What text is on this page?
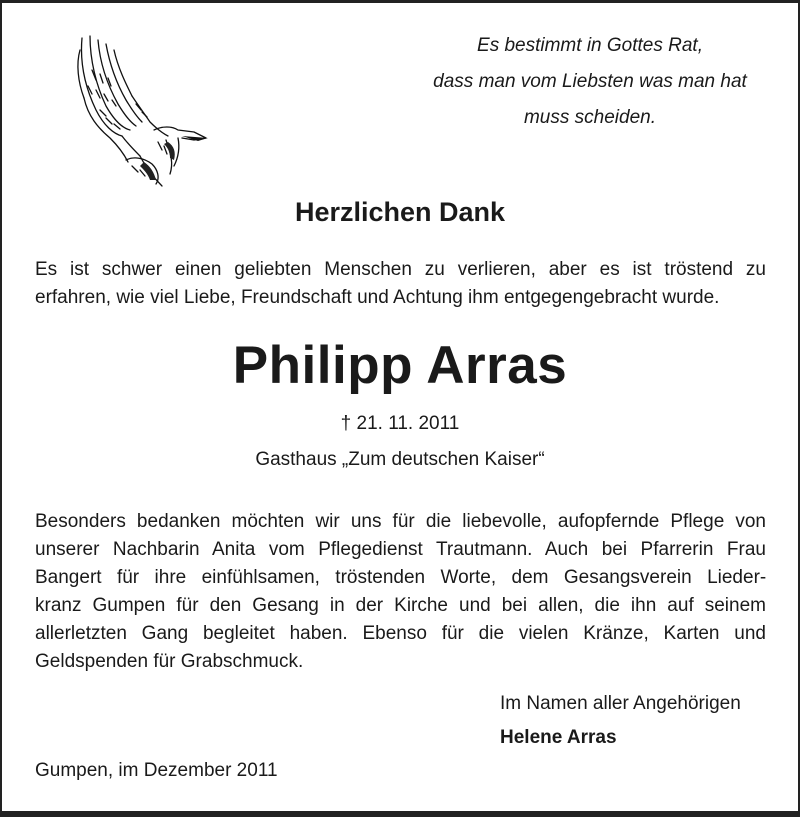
Es bestimmt in Gottes Rat,
dass man vom Liebsten was man hat
muss scheiden.
Herzlichen Dank
Es ist schwer einen geliebten Menschen zu verlieren, aber es ist tröstend zu
erfahren, wie viel Liebe, Freundschaft und Achtung ihm entgegengebracht wurde.
Philipp Arras
† 21. 11. 2011
Gasthaus „Zum deutschen Kaiser“
Besonders bedanken möchten wir uns für die liebevolle, aufopfernde Pflege von
unserer Nachbarin Anita vom Pflegedienst Trautmann. Auch bei Pfarrerin Frau
Bangert für ihre einfühlsamen, tröstenden Worte, dem Gesangsverein Lieder-
kranz Gumpen für den Gesang in der Kirche und bei allen, die ihn auf seinem
allerletzten Gang begleitet haben. Ebenso für die vielen Kränze, Karten und
Geldspenden für Grabschmuck.
Im Namen aller Angehörigen
Helene Arras
Gumpen, im Dezember 2011
